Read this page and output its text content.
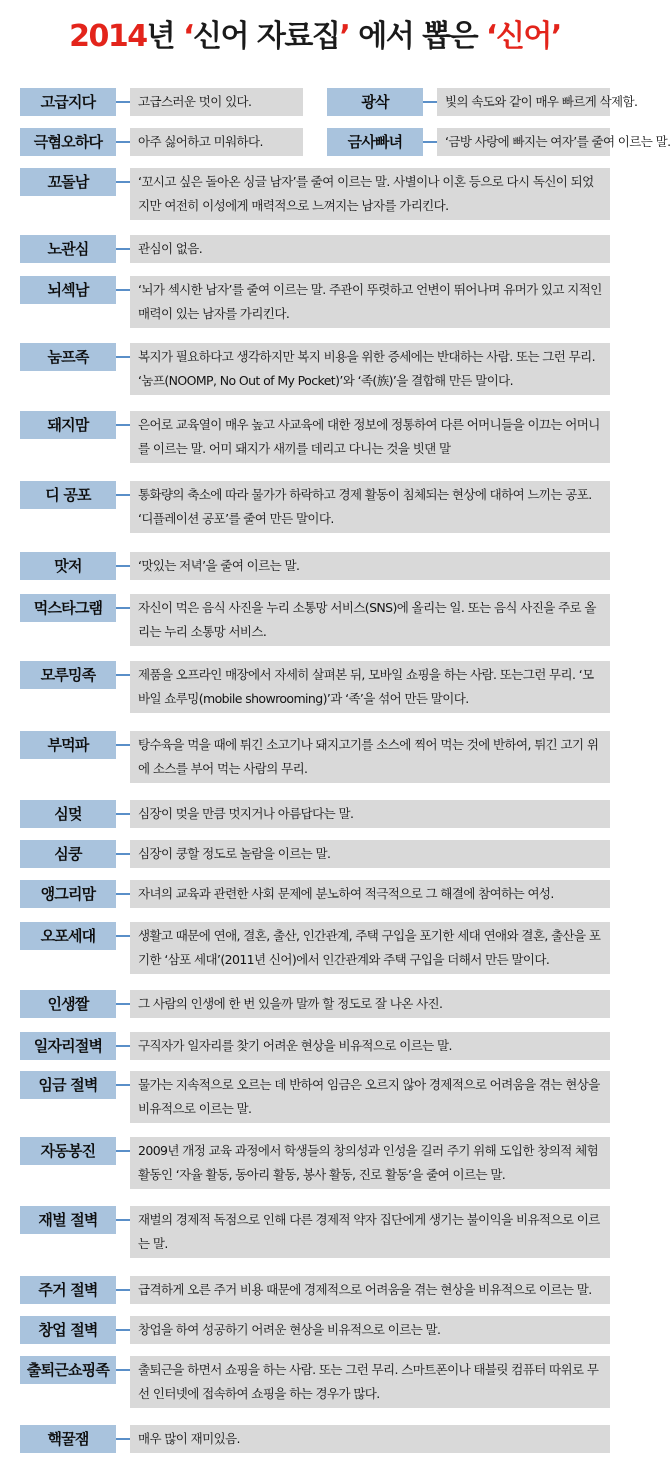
2014년 ‘신어 자료집’ 에서 뽑은 ‘신어’
고급지다	고급스러운 멋이 있다.	광삭	빛의 속도와 같이 매우 빠르게 삭제함.
극혐오하다	아주 싫어하고 미워하다.	금사빠녀	‘금방 사랑에 빠지는 여자’를 줄여 이르는 말.
꼬돌남	‘꼬시고 싶은 돌아온 싱글 남자’를 줄여 이르는 말. 사별이나 이혼 등으로 다시 독신이 되었지만 여전히 이성에게 매력적으로 느껴지는 남자를 가리킨다.
노관심	관심이 없음.
뇌섹남	‘뇌가 섹시한 남자’를 줄여 이르는 말. 주관이 뚜렷하고 언변이 뛰어나며 유머가 있고 지적인 매력이 있는 남자를 가리킨다.
눔프족	복지가 필요하다고 생각하지만 복지 비용을 위한 증세에는 반대하는 사람. 또는 그런 무리. ‘눔프(NOOMP, No Out of My Pocket)’와 ‘족(族)’을 결합해 만든 말이다.
돼지맘	은어로 교육열이 매우 높고 사교육에 대한 정보에 정통하여 다른 어머니들을 이끄는 어머니를 이르는 말. 어미 돼지가 새끼를 데리고 다니는 것을 빗댄 말
디 공포	통화량의 축소에 따라 물가가 하락하고 경제 활동이 침체되는 현상에 대하여 느끼는 공포. ‘디플레이션 공포’를 줄여 만든 말이다.
맛저	‘맛있는 저녁’을 줄여 이르는 말.
먹스타그램	자신이 먹은 음식 사진을 누리 소통망 서비스(SNS)에 올리는 일. 또는 음식 사진을 주로 올리는 누리 소통망 서비스.
모루밍족	제품을 오프라인 매장에서 자세히 살펴본 뒤, 모바일 쇼핑을 하는 사람. 또는그런 무리. ‘모바일 쇼루밍(mobile showrooming)’과 ‘족’을 섞어 만든 말이다.
부먹파	탕수육을 먹을 때에 튀긴 소고기나 돼지고기를 소스에 찍어 먹는 것에 반하여, 튀긴 고기 위에 소스를 부어 먹는 사람의 무리.
심멎	심장이 멎을 만큼 멋지거나 아름답다는 말.
심쿵	심장이 쿵할 정도로 놀람을 이르는 말.
앵그리맘	자녀의 교육과 관련한 사회 문제에 분노하여 적극적으로 그 해결에 참여하는 여성.
오포세대	생활고 때문에 연애, 결혼, 출산, 인간관계, 주택 구입을 포기한 세대 연애와 결혼, 출산을 포기한 ‘삼포 세대’(2011년 신어)에서 인간관계와 주택 구입을 더해서 만든 말이다.
인생짤	그 사람의 인생에 한 번 있을까 말까 할 정도로 잘 나온 사진.
일자리절벽	구직자가 일자리를 찾기 어려운 현상을 비유적으로 이르는 말.
임금 절벽	물가는 지속적으로 오르는 데 반하여 임금은 오르지 않아 경제적으로 어려움을 겪는 현상을 비유적으로 이르는 말.
자동봉진	2009년 개정 교육 과정에서 학생들의 창의성과 인성을 길러 주기 위해 도입한 창의적 체험 활동인 ‘자율 활동, 동아리 활동, 봉사 활동, 진로 활동’을 줄여 이르는 말.
재벌 절벽	재벌의 경제적 독점으로 인해 다른 경제적 약자 집단에게 생기는 불이익을 비유적으로 이르는 말.
주거 절벽	급격하게 오른 주거 비용 때문에 경제적으로 어려움을 겪는 현상을 비유적으로 이르는 말.
창업 절벽	창업을 하여 성공하기 어려운 현상을 비유적으로 이르는 말.
출퇴근쇼핑족	출퇴근을 하면서 쇼핑을 하는 사람. 또는 그런 무리. 스마트폰이나 태블릿 컴퓨터 따위로 무선 인터넷에 접속하여 쇼핑을 하는 경우가 많다.
핵꿀잼	매우 많이 재미있음.
